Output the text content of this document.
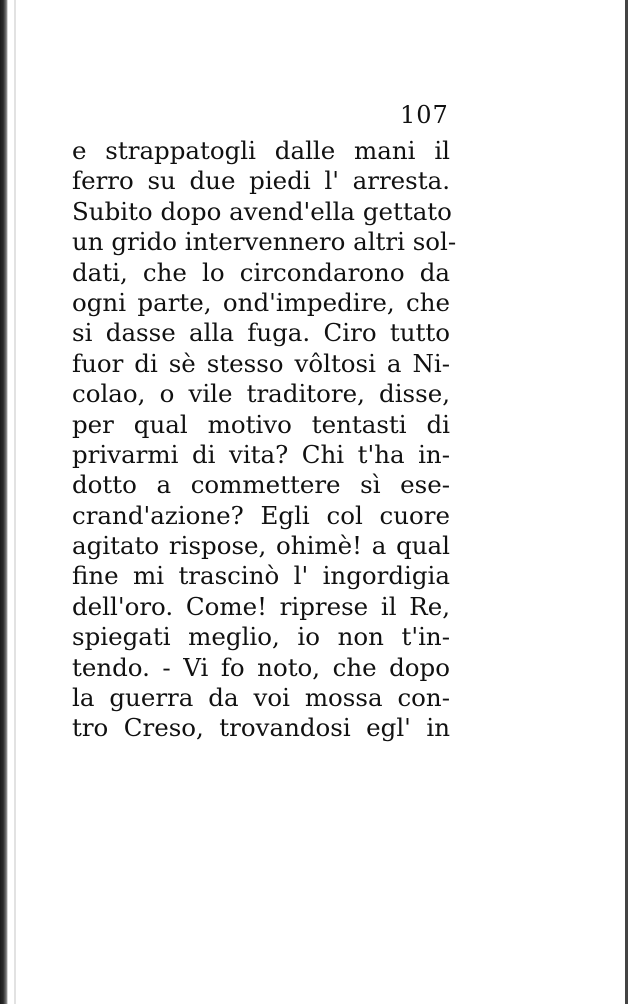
107
e strappatogli dalle mani il
ferro su due piedi l' arresta.
Subito dopo avend'ella gettato
un grido intervennero altri sol-
dati, che lo circondarono da
ogni parte, ond'impedire, che
si dasse alla fuga. Ciro tutto
fuor di sè stesso vôltosi a Ni-
colao, o vile traditore, disse,
per qual motivo tentasti di
privarmi di vita? Chi t'ha in-
dotto a commettere sì ese-
crand'azione? Egli col cuore
agitato rispose, ohimè! a qual
fine mi trascinò l' ingordigia
dell'oro. Come! riprese il Re,
spiegati meglio, io non t'in-
tendo. - Vi fo noto, che dopo
la guerra da voi mossa con-
tro Creso, trovandosi egl' in
